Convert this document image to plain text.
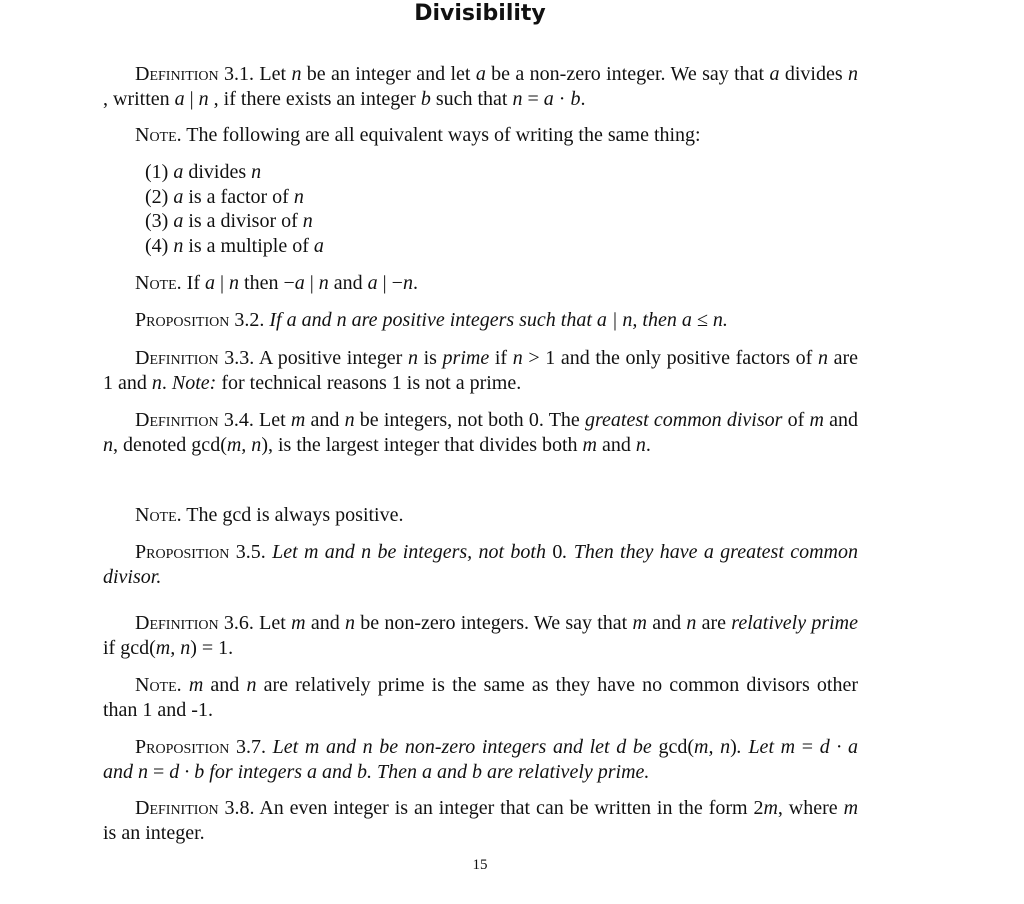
Divisibility
Definition 3.1. Let n be an integer and let a be a non-zero integer. We say that a divides n , written a | n , if there exists an integer b such that n = a · b.
Note. The following are all equivalent ways of writing the same thing:
(1) a divides n
(2) a is a factor of n
(3) a is a divisor of n
(4) n is a multiple of a
Note. If a | n then −a | n and a | −n.
Proposition 3.2. If a and n are positive integers such that a | n, then a ≤ n.
Definition 3.3. A positive integer n is prime if n > 1 and the only positive factors of n are 1 and n. Note: for technical reasons 1 is not a prime.
Definition 3.4. Let m and n be integers, not both 0. The greatest common divisor of m and n, denoted gcd(m, n), is the largest integer that divides both m and n.
Note. The gcd is always positive.
Proposition 3.5. Let m and n be integers, not both 0. Then they have a greatest common divisor.
Definition 3.6. Let m and n be non-zero integers. We say that m and n are relatively prime if gcd(m, n) = 1.
Note. m and n are relatively prime is the same as they have no common divisors other than 1 and -1.
Proposition 3.7. Let m and n be non-zero integers and let d be gcd(m, n). Let m = d · a and n = d · b for integers a and b. Then a and b are relatively prime.
Definition 3.8. An even integer is an integer that can be written in the form 2m, where m is an integer.
15
